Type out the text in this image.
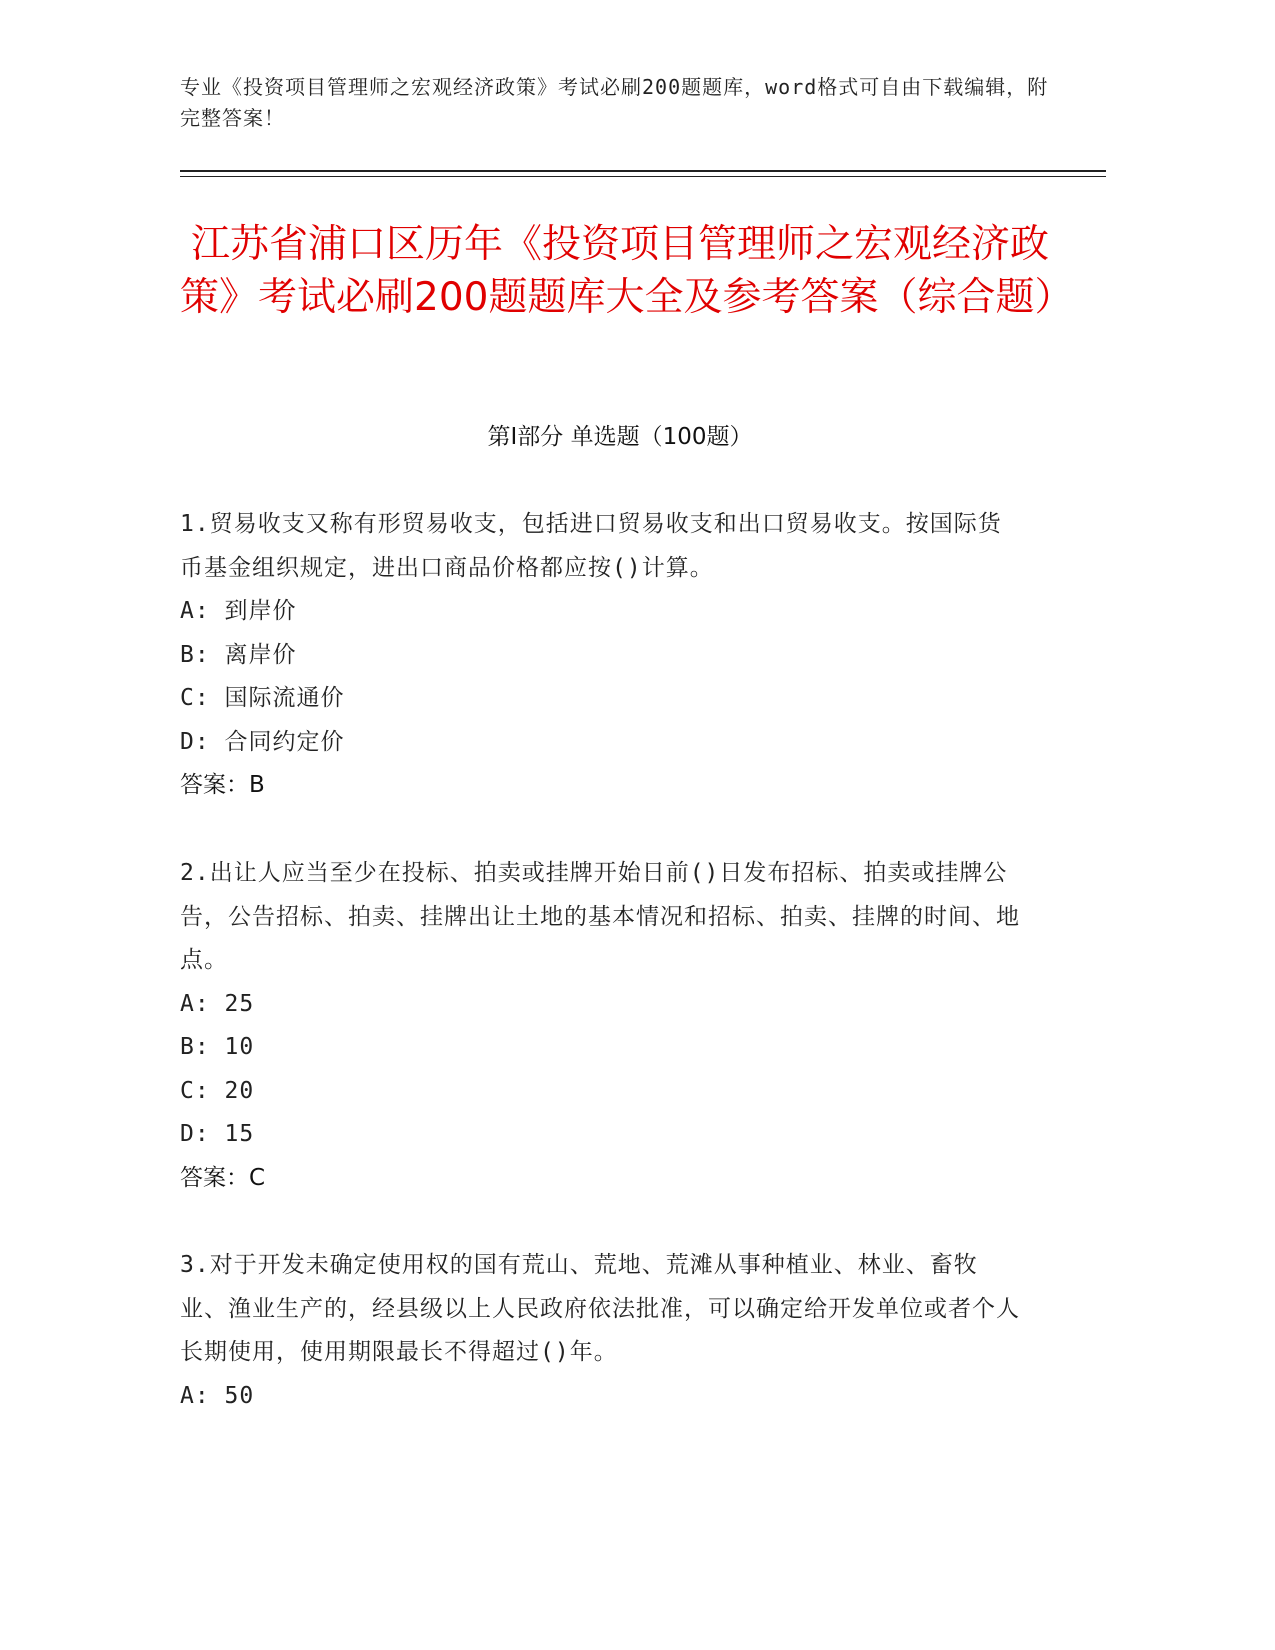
专业《投资项目管理师之宏观经济政策》考试必刷200题题库，word格式可自由下载编辑，附完整答案！
江苏省浦口区历年《投资项目管理师之宏观经济政策》考试必刷200题题库大全及参考答案（综合题）
第Ⅰ部分 单选题（100题）

1.贸易收支又称有形贸易收支，包括进口贸易收支和出口贸易收支。按国际货币基金组织规定，进出口商品价格都应按()计算。

A: 到岸价
B: 离岸价
C: 国际流通价
D: 合同约定价
答案：B

2.出让人应当至少在投标、拍卖或挂牌开始日前()日发布招标、拍卖或挂牌公告，公告招标、拍卖、挂牌出让土地的基本情况和招标、拍卖、挂牌的时间、地点。

A: 25
B: 10
C: 20
D: 15
答案：C

3.对于开发未确定使用权的国有荒山、荒地、荒滩从事种植业、林业、畜牧业、渔业生产的，经县级以上人民政府依法批准，可以确定给开发单位或者个人长期使用，使用期限最长不得超过()年。

A: 50
